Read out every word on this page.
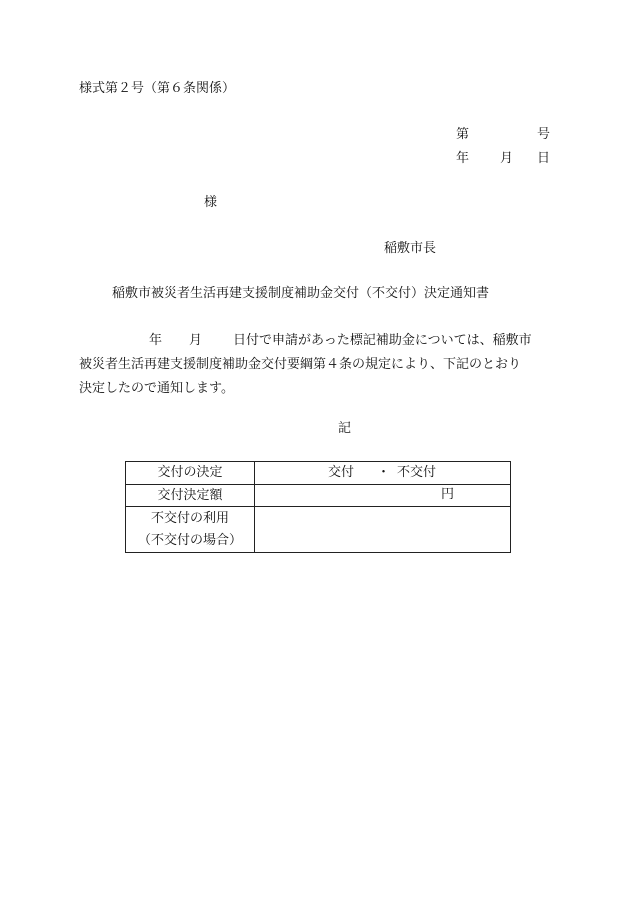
様式第２号（第６条関係）
第	号
年 月 日
様
稲敷市長
稲敷市被災者生活再建支援制度補助金交付（不交付）決定通知書
年 月 日付で申請があった標記補助金については、稲敷市
被災者生活再建支援制度補助金交付要綱第４条の規定により、下記のとおり
決定したので通知します。
記
交付の決定	交付 ・ 不交付

交付決定額	円

不交付の利用
（不交付の場合）	
